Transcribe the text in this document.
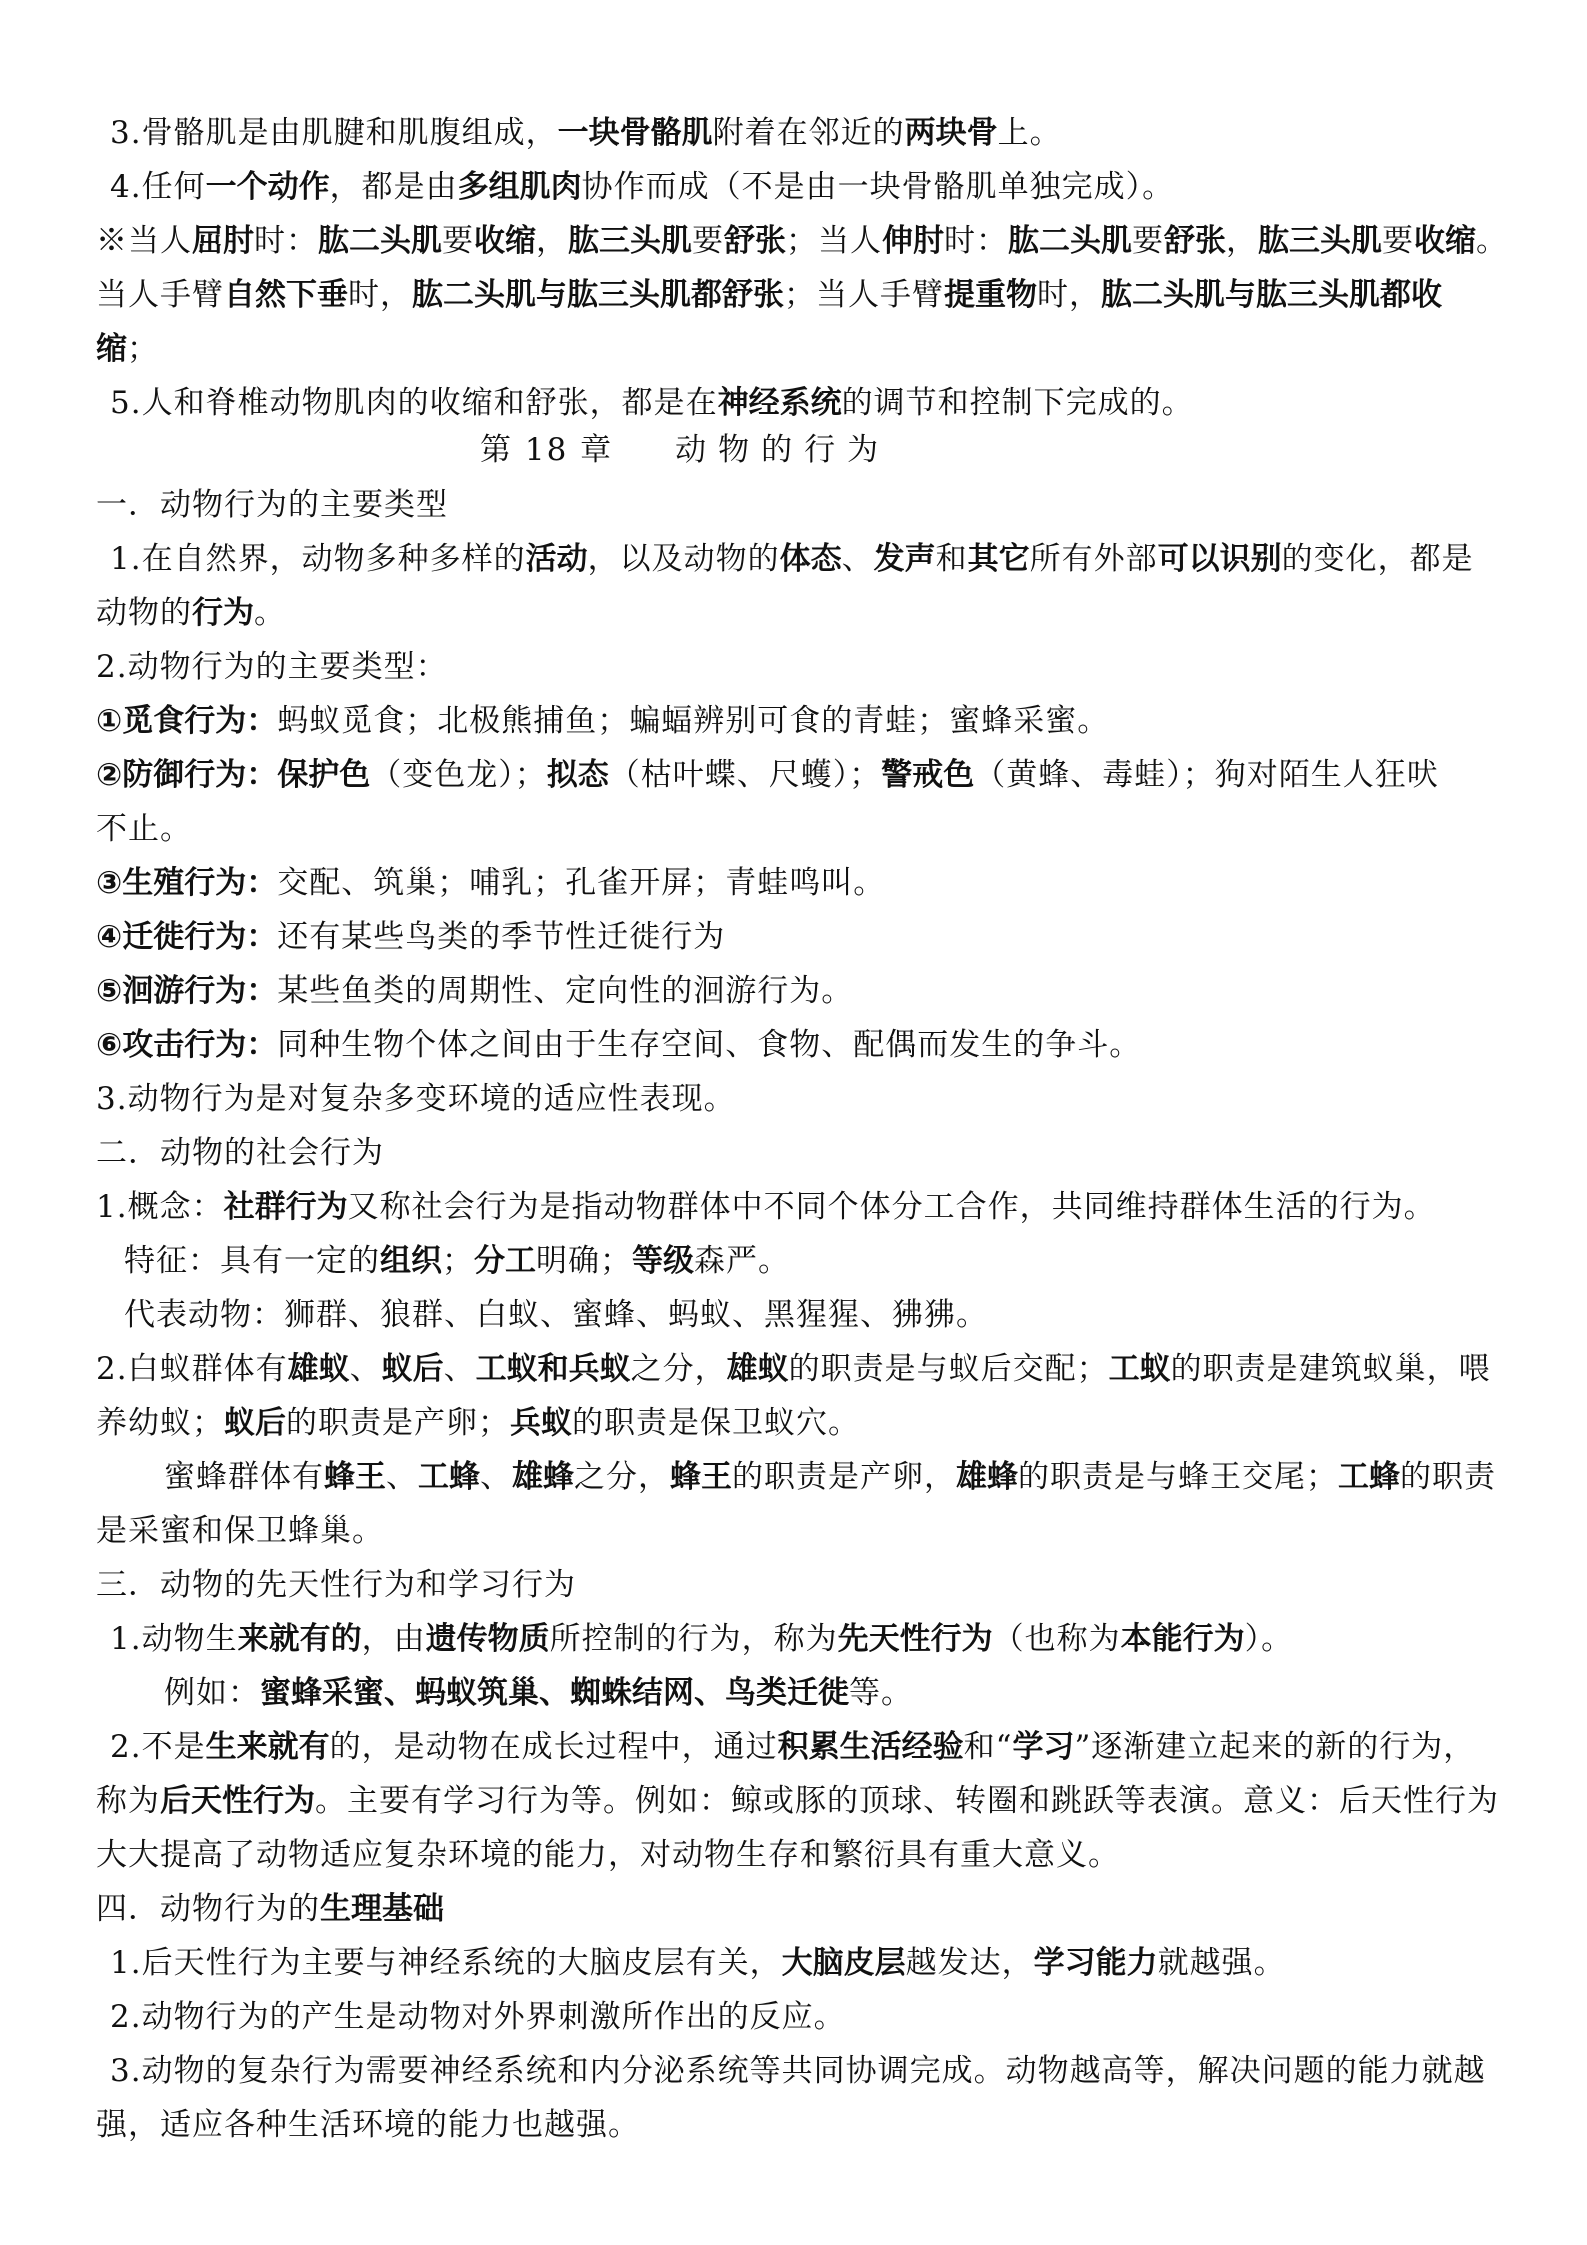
第 18 章 动物的行为
3.骨骼肌是由肌腱和肌腹组成，一块骨骼肌附着在邻近的两块骨上。
4.任何一个动作，都是由多组肌肉协作而成（不是由一块骨骼肌单独完成）。
※当人屈肘时：肱二头肌要收缩，肱三头肌要舒张；当人伸肘时：肱二头肌要舒张，肱三头肌要收缩。
当人手臂自然下垂时，肱二头肌与肱三头肌都舒张；当人手臂提重物时，肱二头肌与肱三头肌都收
缩；
5.人和脊椎动物肌肉的收缩和舒张，都是在神经系统的调节和控制下完成的。
一．动物行为的主要类型
1.在自然界，动物多种多样的活动，以及动物的体态、发声和其它所有外部可以识别的变化，都是
动物的行为。
2.动物行为的主要类型：
①觅食行为：蚂蚁觅食；北极熊捕鱼；蝙蝠辨别可食的青蛙；蜜蜂采蜜。
②防御行为：保护色（变色龙）；拟态（枯叶蝶、尺蠖）；警戒色（黄蜂、毒蛙）；狗对陌生人狂吠
不止。
③生殖行为：交配、筑巢；哺乳；孔雀开屏；青蛙鸣叫。
④迁徙行为：还有某些鸟类的季节性迁徙行为
⑤洄游行为：某些鱼类的周期性、定向性的洄游行为。
⑥攻击行为：同种生物个体之间由于生存空间、食物、配偶而发生的争斗。
3.动物行为是对复杂多变环境的适应性表现。
二．动物的社会行为
1.概念：社群行为又称社会行为是指动物群体中不同个体分工合作，共同维持群体生活的行为。
特征：具有一定的组织；分工明确；等级森严。
代表动物：狮群、狼群、白蚁、蜜蜂、蚂蚁、黑猩猩、狒狒。
2.白蚁群体有雄蚁、蚁后、工蚁和兵蚁之分，雄蚁的职责是与蚁后交配；工蚁的职责是建筑蚁巢，喂
养幼蚁；蚁后的职责是产卵；兵蚁的职责是保卫蚁穴。
蜜蜂群体有蜂王、工蜂、雄蜂之分，蜂王的职责是产卵，雄蜂的职责是与蜂王交尾；工蜂的职责
是采蜜和保卫蜂巢。
三．动物的先天性行为和学习行为
1.动物生来就有的，由遗传物质所控制的行为，称为先天性行为（也称为本能行为）。
例如：蜜蜂采蜜、蚂蚁筑巢、蜘蛛结网、鸟类迁徙等。
2.不是生来就有的，是动物在成长过程中，通过积累生活经验和“学习”逐渐建立起来的新的行为，
称为后天性行为。主要有学习行为等。例如：鲸或豚的顶球、转圈和跳跃等表演。意义：后天性行为
大大提高了动物适应复杂环境的能力，对动物生存和繁衍具有重大意义。
四．动物行为的生理基础
1.后天性行为主要与神经系统的大脑皮层有关，大脑皮层越发达，学习能力就越强。
2.动物行为的产生是动物对外界刺激所作出的反应。
3.动物的复杂行为需要神经系统和内分泌系统等共同协调完成。动物越高等，解决问题的能力就越
强，适应各种生活环境的能力也越强。
